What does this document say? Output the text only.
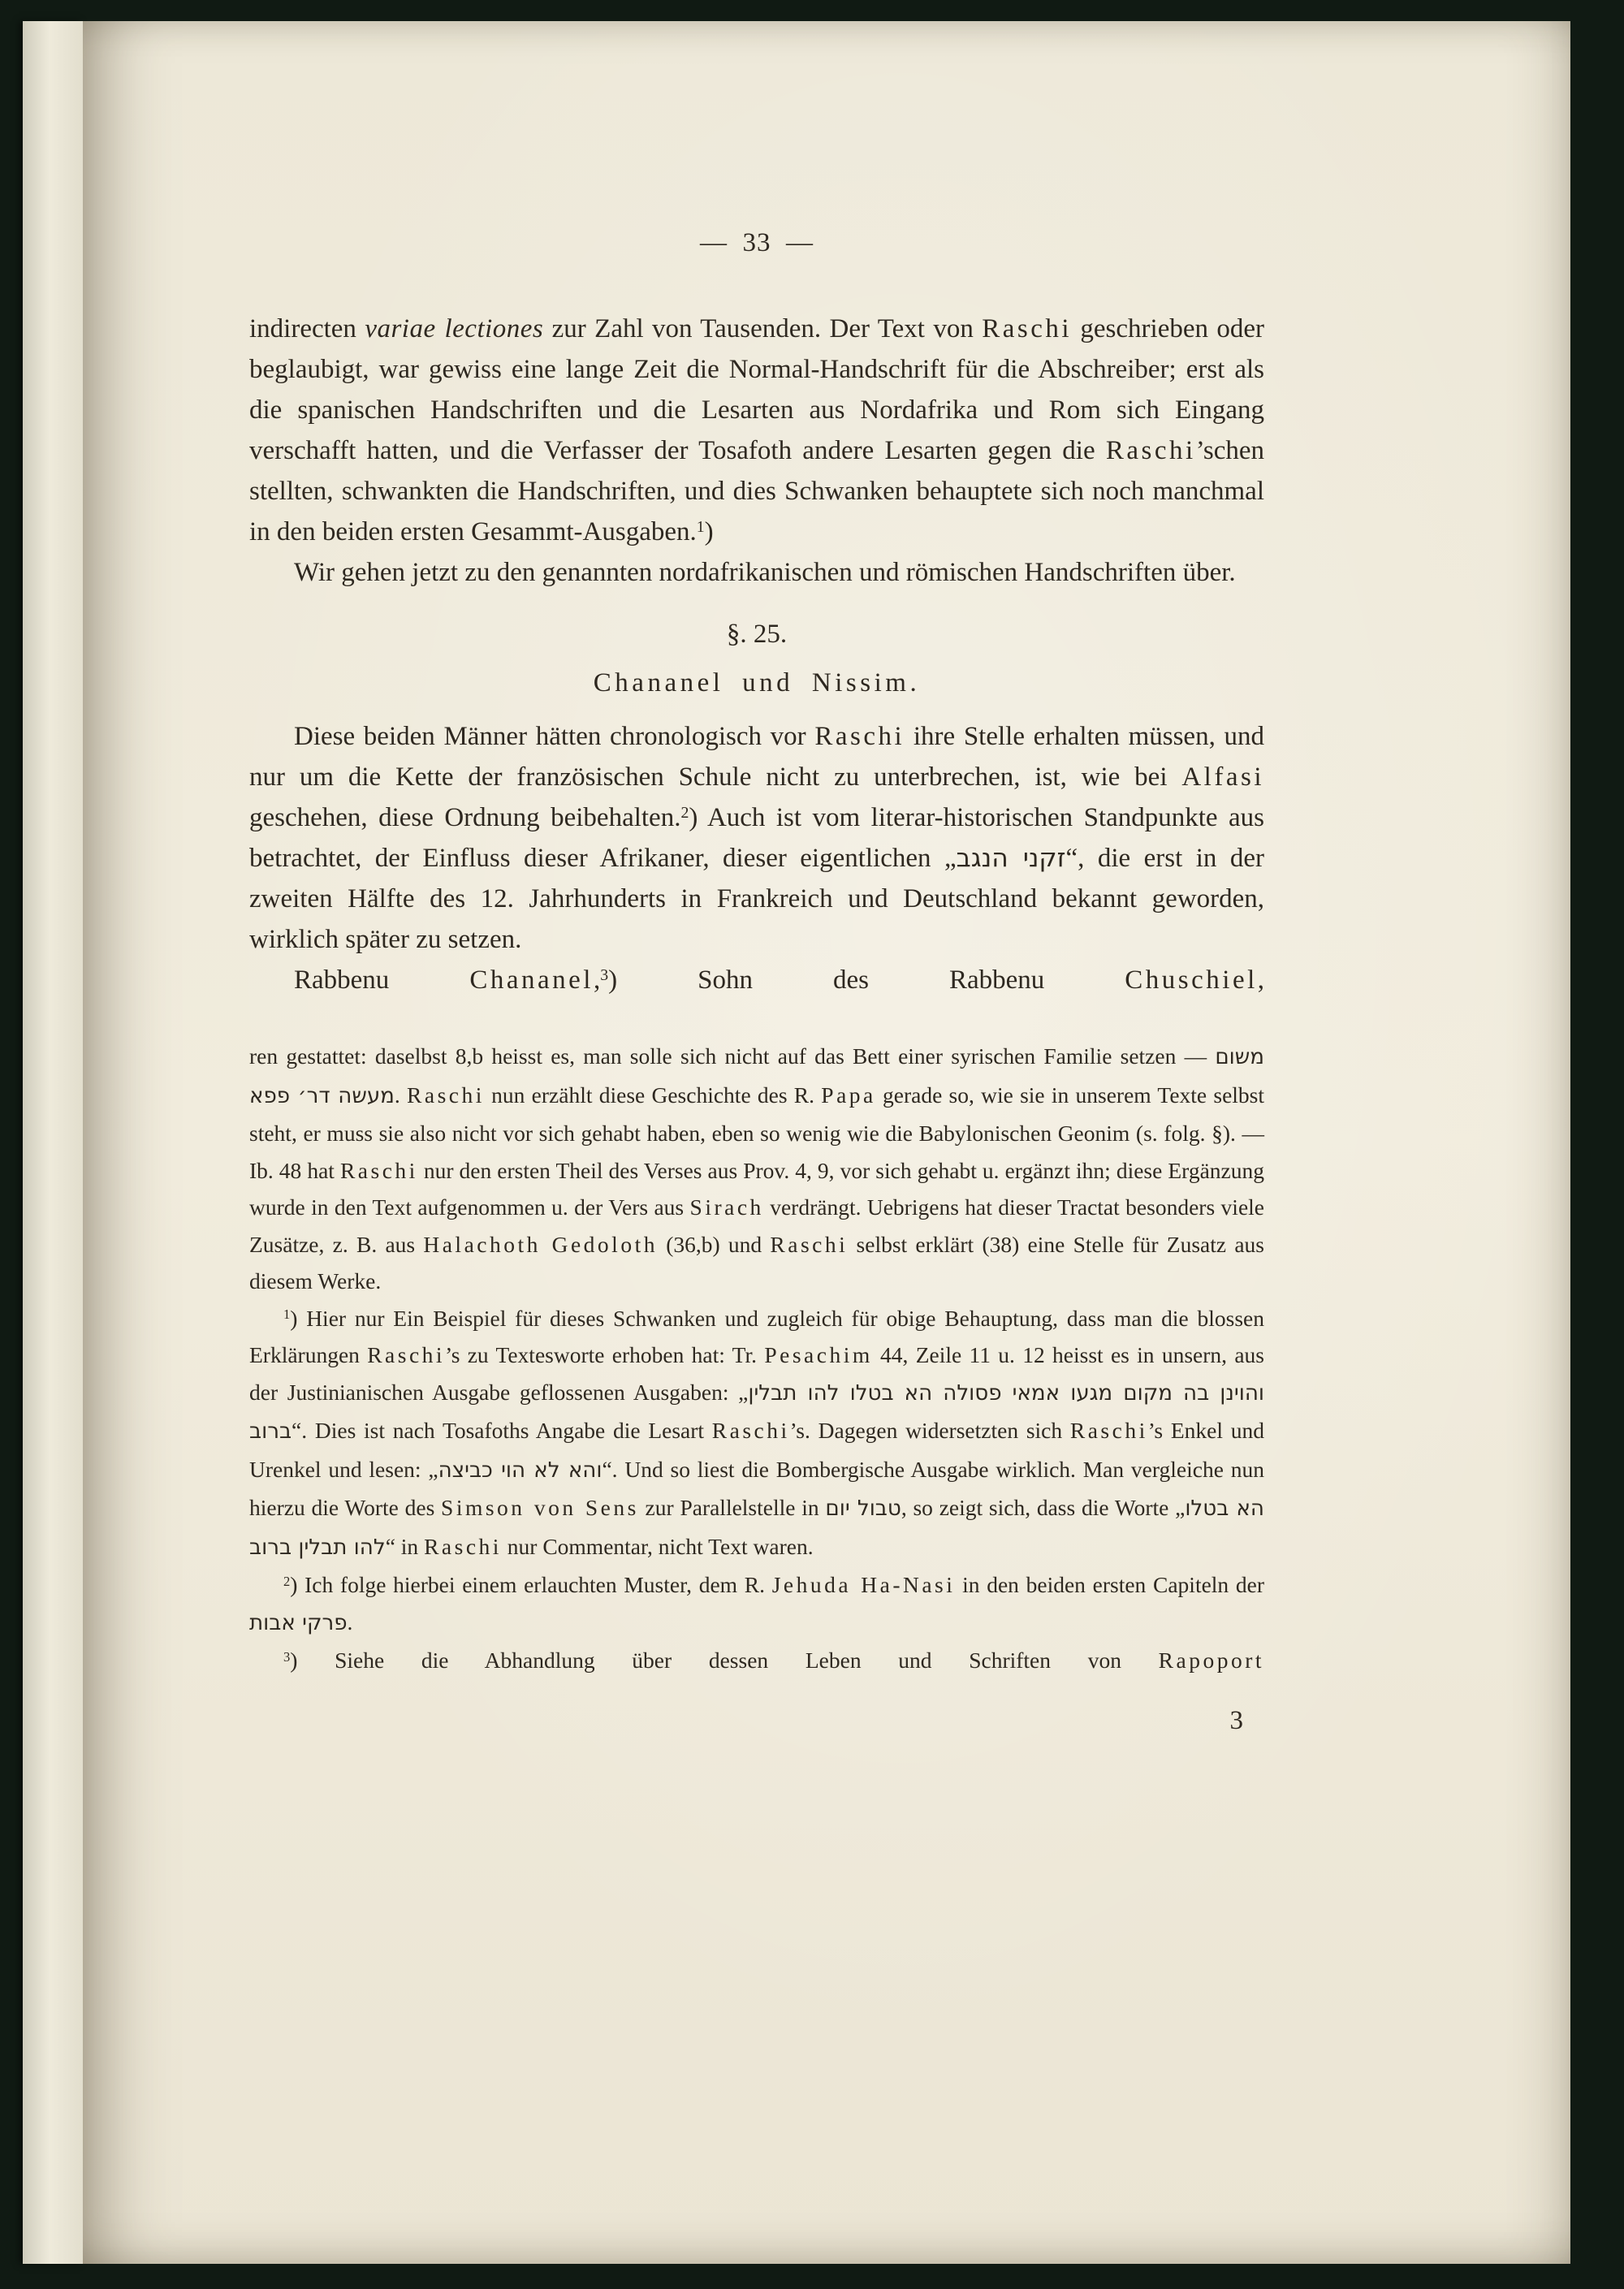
—  33  —

indirecten variae lectiones zur Zahl von Tausenden. Der Text von Raschi geschrieben oder beglaubigt, war gewiss eine lange Zeit die Normal-Handschrift für die Abschreiber; erst als die spanischen Handschriften und die Lesarten aus Nordafrika und Rom sich Eingang verschafft hatten, und die Verfasser der Tosafoth andere Lesarten gegen die Raschi’schen stellten, schwankten die Handschriften, und dies Schwanken behauptete sich noch manchmal in den beiden ersten Gesammt-Ausgaben.$^1$)

Wir gehen jetzt zu den genannten nordafrikanischen und römischen Handschriften über.

§. 25.
Chananel und Nissim.

Diese beiden Männer hätten chronologisch vor Raschi ihre Stelle erhalten müssen, und nur um die Kette der französischen Schule nicht zu unterbrechen, ist, wie bei Alfasi geschehen, diese Ordnung beibehalten.$^2$) Auch ist vom literar-historischen Standpunkte aus betrachtet, der Einfluss dieser Afrikaner, dieser eigentlichen „זקני הנגב“, die erst in der zweiten Hälfte des 12. Jahrhunderts in Frankreich und Deutschland bekannt geworden, wirklich später zu setzen.

Rabbenu Chananel,$^3$) Sohn des Rabbenu Chuschiel,

ren gestattet: daselbst 8,b heisst es, man solle sich nicht auf das Bett einer syrischen Familie setzen — משום מעשה דר׳ פפא. Raschi nun erzählt diese Geschichte des R. Papa gerade so, wie sie in unserem Texte selbst steht, er muss sie also nicht vor sich gehabt haben, eben so wenig wie die Babylonischen Geonim (s. folg. §). — Ib. 48 hat Raschi nur den ersten Theil des Verses aus Prov. 4, 9, vor sich gehabt u. ergänzt ihn; diese Ergänzung wurde in den Text aufgenommen u. der Vers aus Sirach verdrängt. Uebrigens hat dieser Tractat besonders viele Zusätze, z. B. aus Halachoth Gedoloth (36,b) und Raschi selbst erklärt (38) eine Stelle für Zusatz aus diesem Werke.

$^1$) Hier nur Ein Beispiel für dieses Schwanken und zugleich für obige Behauptung, dass man die blossen Erklärungen Raschi’s zu Textesworte erhoben hat: Tr. Pesachim 44, Zeile 11 u. 12 heisst es in unsern, aus der Justinianischen Ausgabe geflossenen Ausgaben: „והוינן בה מקום מגעו אמאי פסולה הא בטלו להו תבלין ברוב“. Dies ist nach Tosafoths Angabe die Lesart Raschi’s. Dagegen widersetzten sich Raschi’s Enkel und Urenkel und lesen: „והא לא הוי כביצה“. Und so liest die Bombergische Ausgabe wirklich. Man vergleiche nun hierzu die Worte des Simson von Sens zur Parallelstelle in טבול יום, so zeigt sich, dass die Worte „הא בטלו להו תבלין ברוב“ in Raschi nur Commentar, nicht Text waren.

$^2$) Ich folge hierbei einem erlauchten Muster, dem R. Jehuda Ha-Nasi in den beiden ersten Capiteln der פרקי אבות.

$^3$) Siehe die Abhandlung über dessen Leben und Schriften von Rapoport

3
